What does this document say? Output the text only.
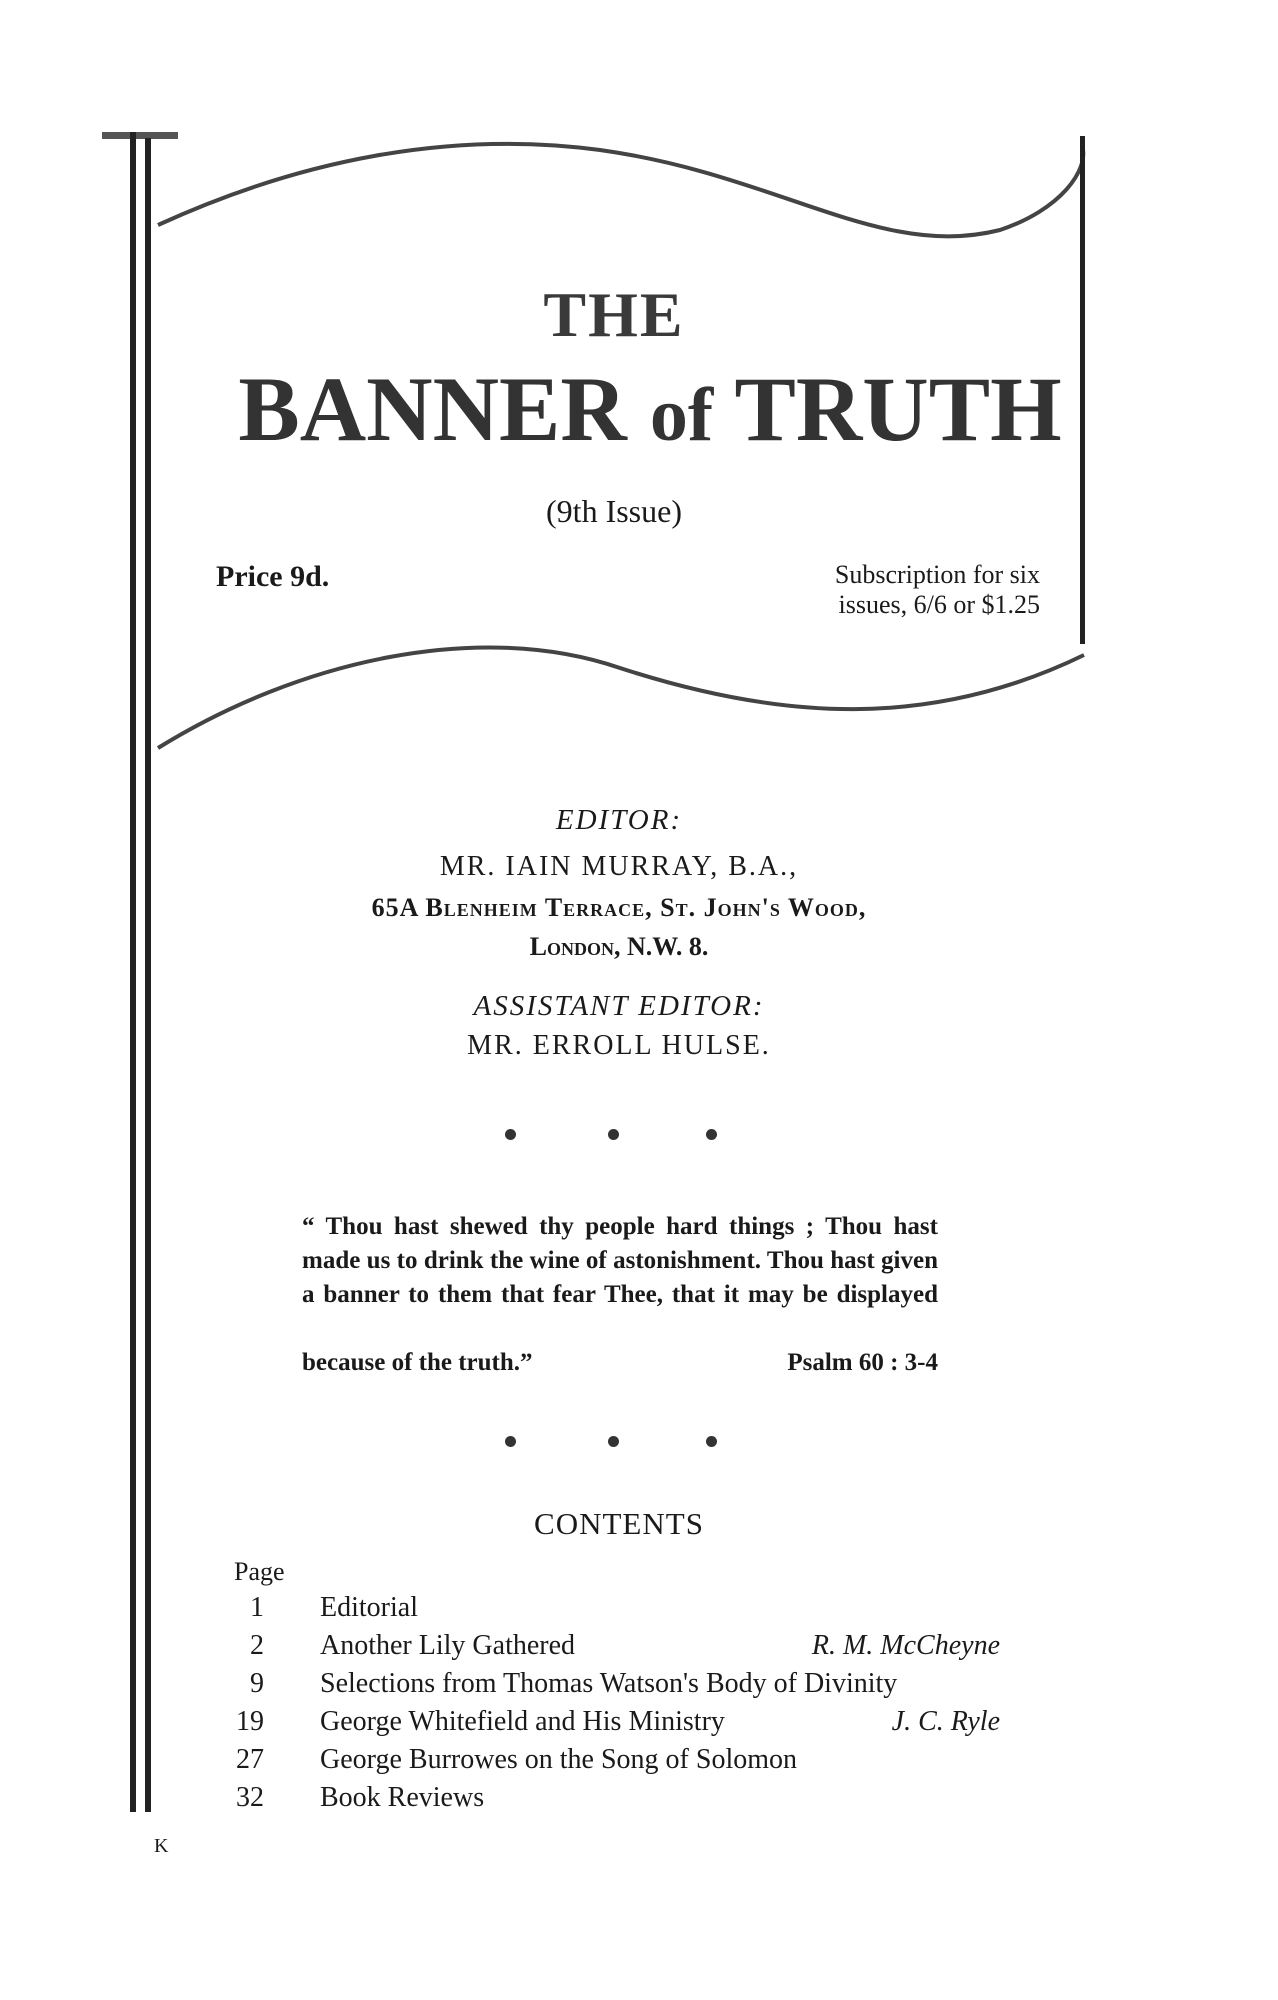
THE
BANNER of TRUTH
(9th Issue)
Price 9d.	Subscription for six
issues, 6/6 or $1.25
EDITOR:
MR. IAIN MURRAY, B.A.,
65A Blenheim Terrace, St. John's Wood,
London, N.W. 8.
ASSISTANT EDITOR:
MR. ERROLL HULSE.
“ Thou hast shewed thy people hard things ; Thou hast made us to drink the wine of astonishment. Thou hast given a banner to them that fear Thee, that it may be displayed
because of the truth.”	Psalm 60 : 3-4
CONTENTS
Page
1 Editorial
2 Another Lily Gathered	R. M. McCheyne
9 Selections from Thomas Watson's Body of Divinity
19 George Whitefield and His Ministry	J. C. Ryle
27 George Burrowes on the Song of Solomon
32 Book Reviews
K
